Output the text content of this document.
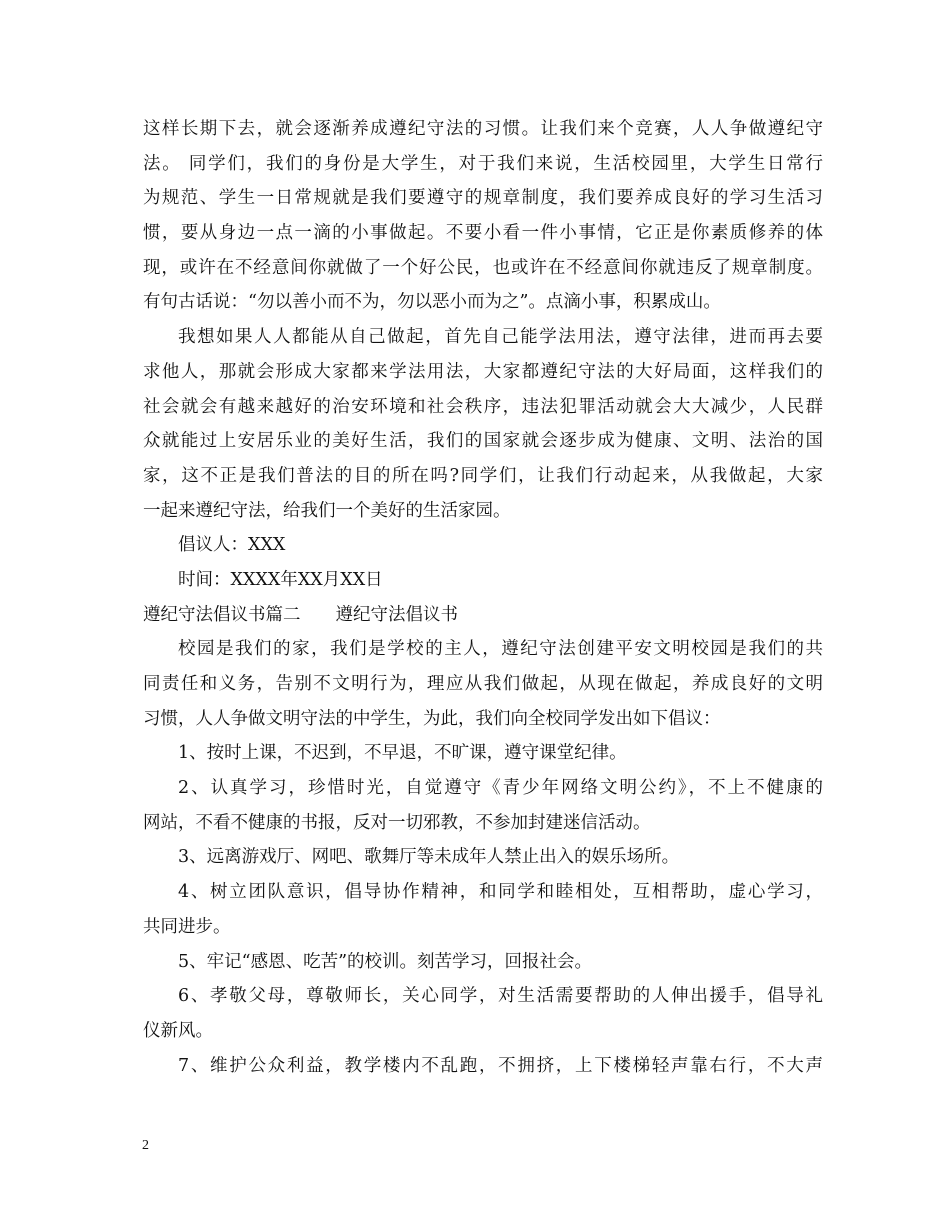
这样长期下去，就会逐渐养成遵纪守法的习惯。让我们来个竞赛，人人争做遵纪守
法。 同学们，我们的身份是大学生，对于我们来说，生活校园里，大学生日常行
为规范、学生一日常规就是我们要遵守的规章制度，我们要养成良好的学习生活习
惯，要从身边一点一滴的小事做起。不要小看一件小事情，它正是你素质修养的体
现，或许在不经意间你就做了一个好公民，也或许在不经意间你就违反了规章制度。
有句古话说：“勿以善小而不为，勿以恶小而为之”。点滴小事，积累成山。
我想如果人人都能从自己做起，首先自己能学法用法，遵守法律，进而再去要
求他人，那就会形成大家都来学法用法，大家都遵纪守法的大好局面，这样我们的
社会就会有越来越好的治安环境和社会秩序，违法犯罪活动就会大大减少，人民群
众就能过上安居乐业的美好生活，我们的国家就会逐步成为健康、文明、法治的国
家，这不正是我们普法的目的所在吗?同学们，让我们行动起来，从我做起，大家
一起来遵纪守法，给我们一个美好的生活家园。
倡议人：XXX
时间：XXXX年XX月XX日
遵纪守法倡议书篇二　　遵纪守法倡议书
校园是我们的家，我们是学校的主人，遵纪守法创建平安文明校园是我们的共
同责任和义务，告别不文明行为，理应从我们做起，从现在做起，养成良好的文明
习惯，人人争做文明守法的中学生，为此，我们向全校同学发出如下倡议：
1、按时上课，不迟到，不早退，不旷课，遵守课堂纪律。
2、认真学习，珍惜时光，自觉遵守《青少年网络文明公约》，不上不健康的
网站，不看不健康的书报，反对一切邪教，不参加封建迷信活动。
3、远离游戏厅、网吧、歌舞厅等未成年人禁止出入的娱乐场所。
4、树立团队意识，倡导协作精神，和同学和睦相处，互相帮助，虚心学习，
共同进步。
5、牢记“感恩、吃苦”的校训。刻苦学习，回报社会。
6、孝敬父母，尊敬师长，关心同学，对生活需要帮助的人伸出援手，倡导礼
仪新风。
7、维护公众利益，教学楼内不乱跑，不拥挤，上下楼梯轻声靠右行，不大声
2
